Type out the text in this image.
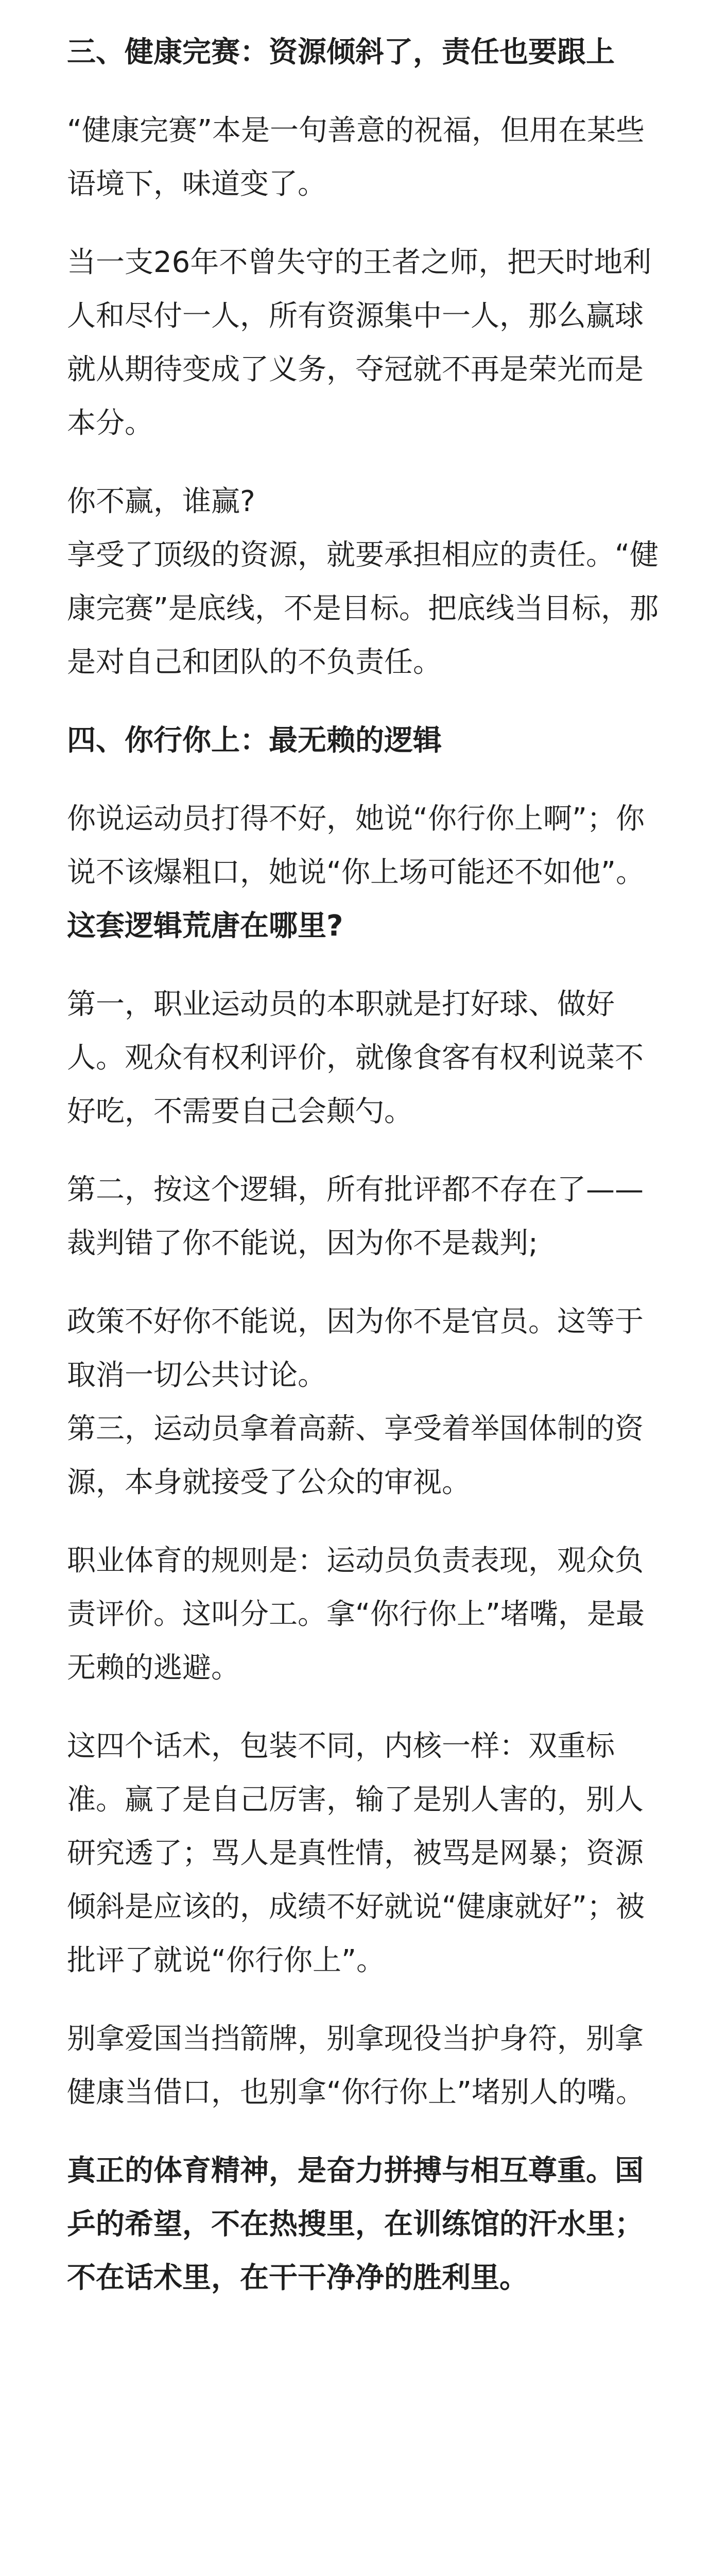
三、健康完赛：资源倾斜了，责任也要跟上
“健康完赛”本是一句善意的祝福，但用在某些语境下，味道变了。
当一支26年不曾失守的王者之师，把天时地利人和尽付一人，所有资源集中一人，那么赢球就从期待变成了义务，夺冠就不再是荣光而是本分。
你不赢，谁赢?
享受了顶级的资源，就要承担相应的责任。“健康完赛”是底线，不是目标。把底线当目标，那是对自己和团队的不负责任。
四、你行你上：最无赖的逻辑
你说运动员打得不好，她说“你行你上啊”；你说不该爆粗口，她说“你上场可能还不如他”。这套逻辑荒唐在哪里?
第一，职业运动员的本职就是打好球、做好人。观众有权利评价，就像食客有权利说菜不好吃，不需要自己会颠勺。
第二，按这个逻辑，所有批评都不存在了——裁判错了你不能说，因为你不是裁判;
政策不好你不能说，因为你不是官员。这等于取消一切公共讨论。
第三，运动员拿着高薪、享受着举国体制的资源，本身就接受了公众的审视。
职业体育的规则是：运动员负责表现，观众负责评价。这叫分工。拿“你行你上”堵嘴，是最无赖的逃避。
这四个话术，包装不同，内核一样：双重标准。赢了是自己厉害，输了是别人害的，别人研究透了；骂人是真性情，被骂是网暴；资源倾斜是应该的，成绩不好就说“健康就好”；被批评了就说“你行你上”。
别拿爱国当挡箭牌，别拿现役当护身符，别拿健康当借口，也别拿“你行你上”堵别人的嘴。
真正的体育精神，是奋力拼搏与相互尊重。国乒的希望，不在热搜里，在训练馆的汗水里；不在话术里，在干干净净的胜利里。
